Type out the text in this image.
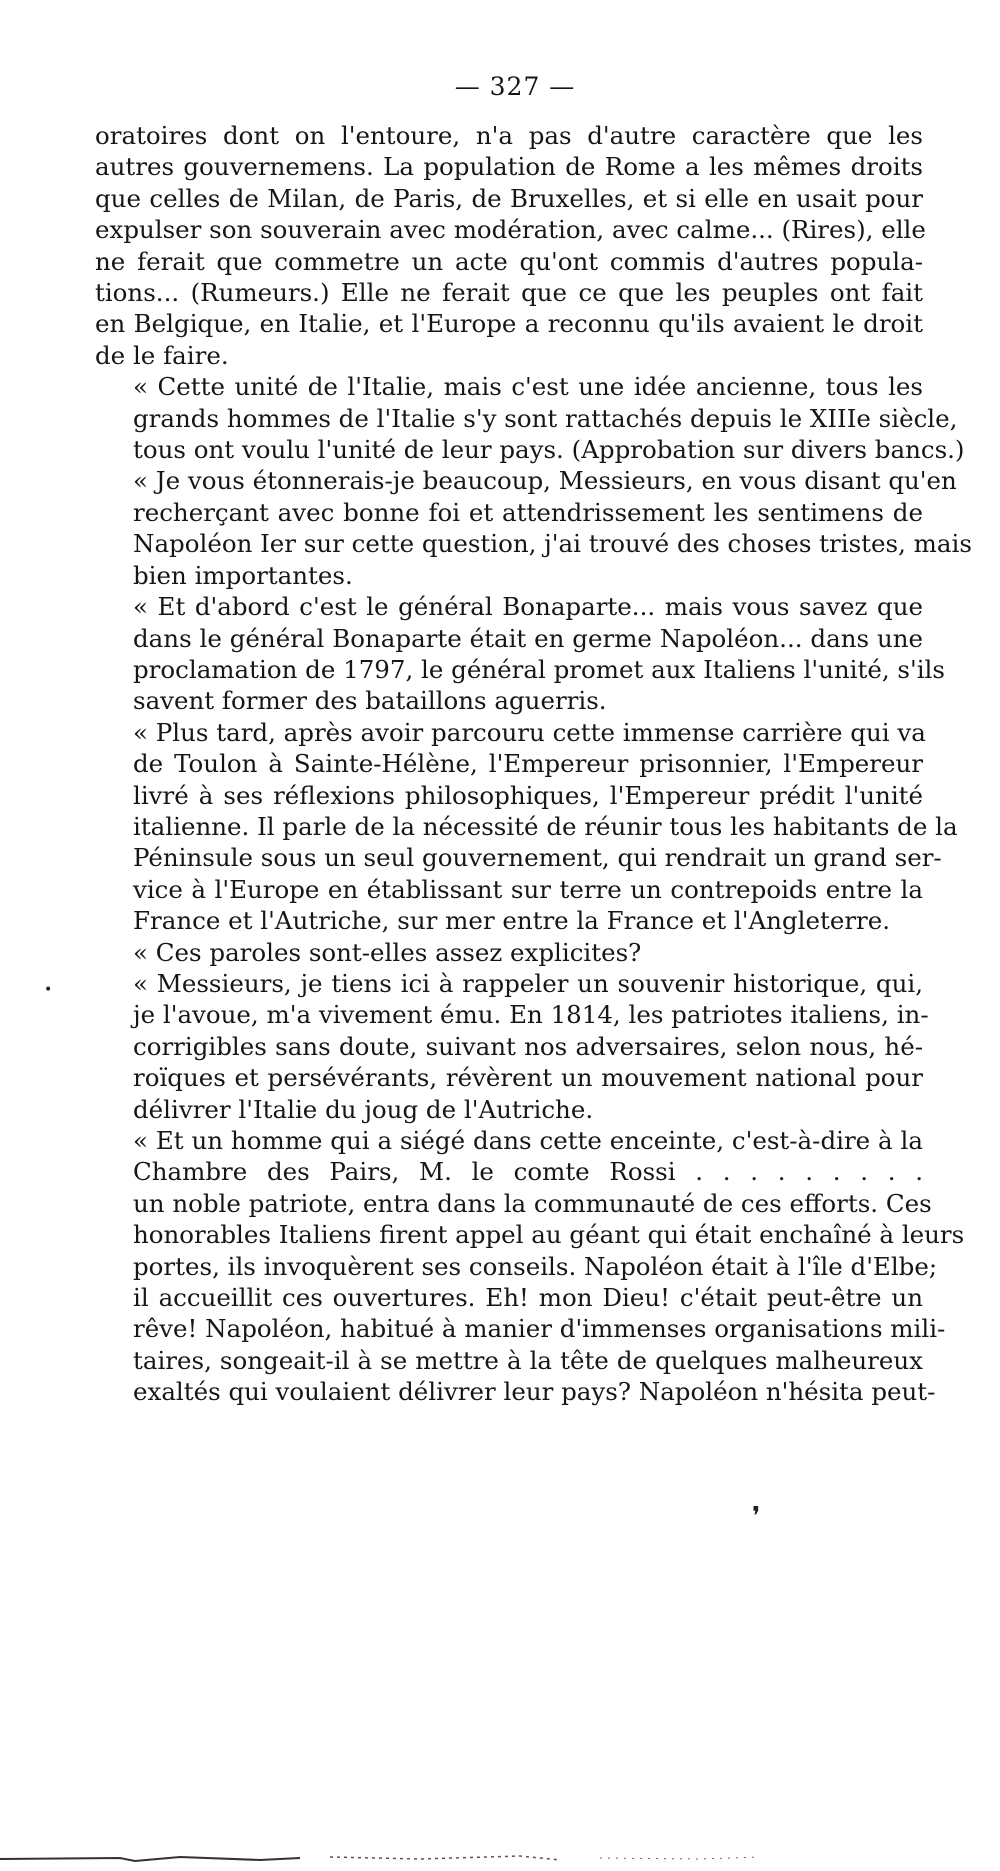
— 327 —
oratoires dont on l'entoure, n'a pas d'autre caractère que les
autres gouvernemens. La population de Rome a les mêmes droits
que celles de Milan, de Paris, de Bruxelles, et si elle en usait pour
expulser son souverain avec modération, avec calme... (Rires), elle
ne ferait que commetre un acte qu'ont commis d'autres popula-
tions... (Rumeurs.) Elle ne ferait que ce que les peuples ont fait
en Belgique, en Italie, et l'Europe a reconnu qu'ils avaient le droit
de le faire.
« Cette unité de l'Italie, mais c'est une idée ancienne, tous les
grands hommes de l'Italie s'y sont rattachés depuis le XIIIe siècle,
tous ont voulu l'unité de leur pays. (Approbation sur divers bancs.)
« Je vous étonnerais-je beaucoup, Messieurs, en vous disant qu'en
recherçant avec bonne foi et attendrissement les sentimens de
Napoléon Ier sur cette question, j'ai trouvé des choses tristes, mais
bien importantes.
« Et d'abord c'est le général Bonaparte... mais vous savez que
dans le général Bonaparte était en germe Napoléon... dans une
proclamation de 1797, le général promet aux Italiens l'unité, s'ils
savent former des bataillons aguerris.
« Plus tard, après avoir parcouru cette immense carrière qui va
de Toulon à Sainte-Hélène, l'Empereur prisonnier, l'Empereur
livré à ses réflexions philosophiques, l'Empereur prédit l'unité
italienne. Il parle de la nécessité de réunir tous les habitants de la
Péninsule sous un seul gouvernement, qui rendrait un grand ser-
vice à l'Europe en établissant sur terre un contrepoids entre la
France et l'Autriche, sur mer entre la France et l'Angleterre.
« Ces paroles sont-elles assez explicites?
« Messieurs, je tiens ici à rappeler un souvenir historique, qui,
je l'avoue, m'a vivement ému. En 1814, les patriotes italiens, in-
corrigibles sans doute, suivant nos adversaires, selon nous, hé-
roïques et persévérants, révèrent un mouvement national pour
délivrer l'Italie du joug de l'Autriche.
« Et un homme qui a siégé dans cette enceinte, c'est-à-dire à la
Chambre des Pairs, M. le comte Rossi . . . . . . . . .
un noble patriote, entra dans la communauté de ces efforts. Ces
honorables Italiens firent appel au géant qui était enchaîné à leurs
portes, ils invoquèrent ses conseils. Napoléon était à l'île d'Elbe;
il accueillit ces ouvertures. Eh! mon Dieu! c'était peut-être un
rêve! Napoléon, habitué à manier d'immenses organisations mili-
taires, songeait-il à se mettre à la tête de quelques malheureux
exaltés qui voulaient délivrer leur pays? Napoléon n'hésita peut-
❜
•
